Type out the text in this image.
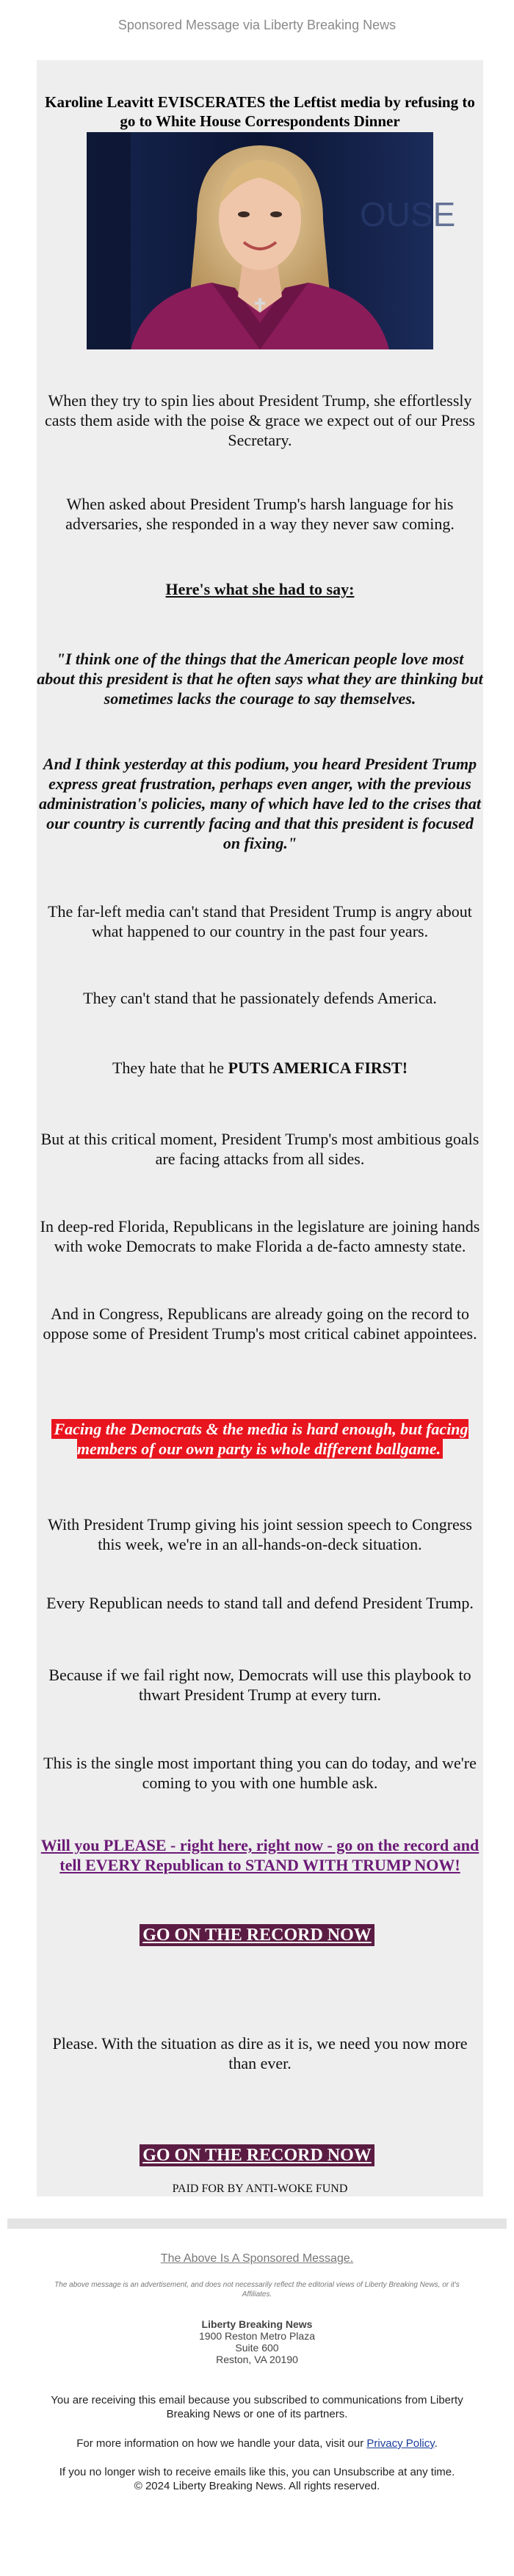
Sponsored Message via Liberty Breaking News
Karoline Leavitt EVISCERATES the Leftist media by refusing to go to White House Correspondents Dinner
OUSE
When they try to spin lies about President Trump, she effortlessly casts them aside with the poise & grace we expect out of our Press Secretary.
When asked about President Trump's harsh language for his adversaries, she responded in a way they never saw coming.
Here's what she had to say:
"I think one of the things that the American people love most about this president is that he often says what they are thinking but sometimes lacks the courage to say themselves.
And I think yesterday at this podium, you heard President Trump express great frustration, perhaps even anger, with the previous administration's policies, many of which have led to the crises that our country is currently facing and that this president is focused on fixing."
The far-left media can't stand that President Trump is angry about what happened to our country in the past four years.
They can't stand that he passionately defends America.
They hate that he PUTS AMERICA FIRST!
But at this critical moment, President Trump's most ambitious goals are facing attacks from all sides.
In deep-red Florida, Republicans in the legislature are joining hands with woke Democrats to make Florida a de-facto amnesty state.
And in Congress, Republicans are already going on the record to oppose some of President Trump's most critical cabinet appointees.
Facing the Democrats & the media is hard enough, but facing members of our own party is whole different ballgame.
With President Trump giving his joint session speech to Congress this week, we're in an all-hands-on-deck situation.
Every Republican needs to stand tall and defend President Trump.
Because if we fail right now, Democrats will use this playbook to thwart President Trump at every turn.
This is the single most important thing you can do today, and we're coming to you with one humble ask.
Will you PLEASE - right here, right now - go on the record and tell EVERY Republican to STAND WITH TRUMP NOW!
GO ON THE RECORD NOW
Please. With the situation as dire as it is, we need you now more than ever.
GO ON THE RECORD NOW
PAID FOR BY ANTI-WOKE FUND
The Above Is A Sponsored Message.
The above message is an advertisement, and does not necessarily reflect the editorial views of Liberty Breaking News, or it's Affiliates.
Liberty Breaking News
1900 Reston Metro Plaza
Suite 600
Reston, VA 20190
You are receiving this email because you subscribed to communications from Liberty Breaking News or one of its partners.
For more information on how we handle your data, visit our Privacy Policy.
If you no longer wish to receive emails like this, you can Unsubscribe at any time.
© 2024 Liberty Breaking News. All rights reserved.
